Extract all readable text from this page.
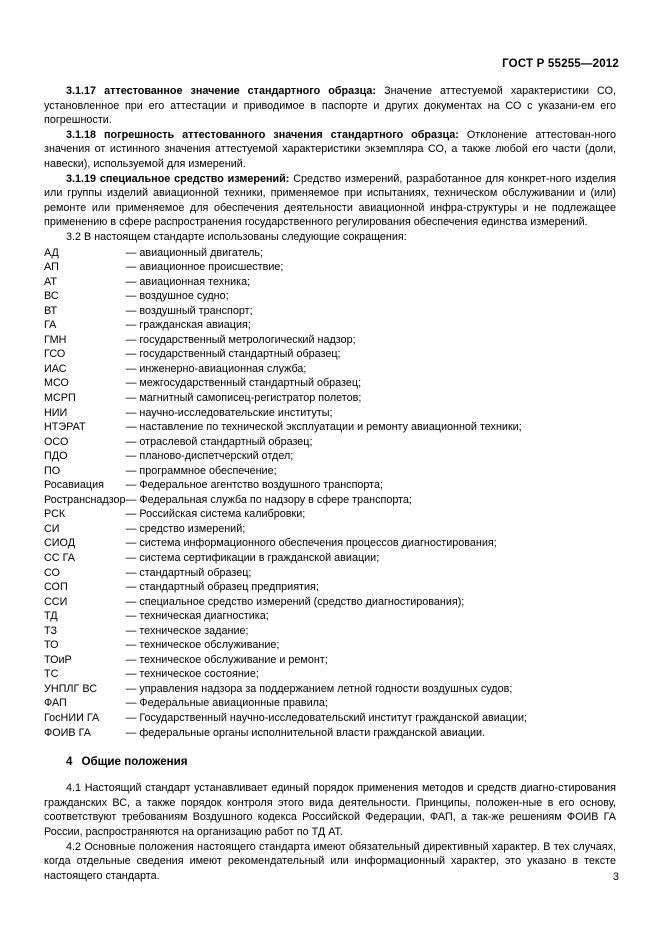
ГОСТ Р 55255—2012

3.1.17 аттестованное значение стандартного образца: Значение аттестуемой характеристики СО, установленное при его аттестации и приводимое в паспорте и других документах на СО с указани-ем его погрешности.

3.1.18 погрешность аттестованного значения стандартного образца: Отклонение аттестован-ного значения от истинного значения аттестуемой характеристики экземпляра СО, а также любой его части (доли, навески), используемой для измерений.

3.1.19 специальное средство измерений: Средство измерений, разработанное для конкрет-ного изделия или группы изделий авиационной техники, применяемое при испытаниях, техническом обслуживании и (или) ремонте или применяемое для обеспечения деятельности авиационной инфра-структуры и не подлежащее применению в сфере распространения государственного регулирования обеспечения единства измерений.

3.2 В настоящем стандарте использованы следующие сокращения:

АД	— авиационный двигатель;
АП	— авиационное происшествие;
АТ	— авиационная техника;
ВС	— воздушное судно;
ВТ	— воздушный транспорт;
ГА	— гражданская авиация;
ГМН	— государственный метрологический надзор;
ГСО	— государственный стандартный образец;
ИАС	— инженерно-авиационная служба;
МСО	— межгосударственный стандартный образец;
МСРП	— магнитный самописец-регистратор полетов;
НИИ	— научно-исследовательские институты;
НТЭРАТ	— наставление по технической эксплуатации и ремонту авиационной техники;
ОСО	— отраслевой стандартный образец;
ПДО	— планово-диспетчерский отдел;
ПО	— программное обеспечение;
Росавиация	— Федеральное агентство воздушного транспорта;
Ространснадзор	— Федеральная служба по надзору в сфере транспорта;
РСК	— Российская система калибровки;
СИ	— средство измерений;
СИОД	— система информационного обеспечения процессов диагностирования;
СС ГА	— система сертификации в гражданской авиации;
СО	— стандартный образец;
СОП	— стандартный образец предприятия;
ССИ	— специальное средство измерений (средство диагностирования);
ТД	— техническая диагностика;
ТЗ	— техническое задание;
ТО	— техническое обслуживание;
ТОиР	— техническое обслуживание и ремонт;
ТС	— техническое состояние;
УНПЛГ ВС	— управления надзора за поддержанием летной годности воздушных судов;
ФАП	— Федеральные авиационные правила;
ГосНИИ ГА	— Государственный научно-исследовательский институт гражданской авиации;
ФОИВ ГА	— федеральные органы исполнительной власти гражданской авиации.
4 Общие положения

4.1 Настоящий стандарт устанавливает единый порядок применения методов и средств диагно-стирования гражданских ВС, а также порядок контроля этого вида деятельности. Принципы, положен-ные в его основу, соответствуют требованиям Воздушного кодекса Российской Федерации, ФАП, а так-же решениям ФОИВ ГА России, распространяются на организацию работ по ТД АТ.

4.2 Основные положения настоящего стандарта имеют обязательный директивный характер. В тех случаях, когда отдельные сведения имеют рекомендательный или информационный характер, это указано в тексте настоящего стандарта.	3
